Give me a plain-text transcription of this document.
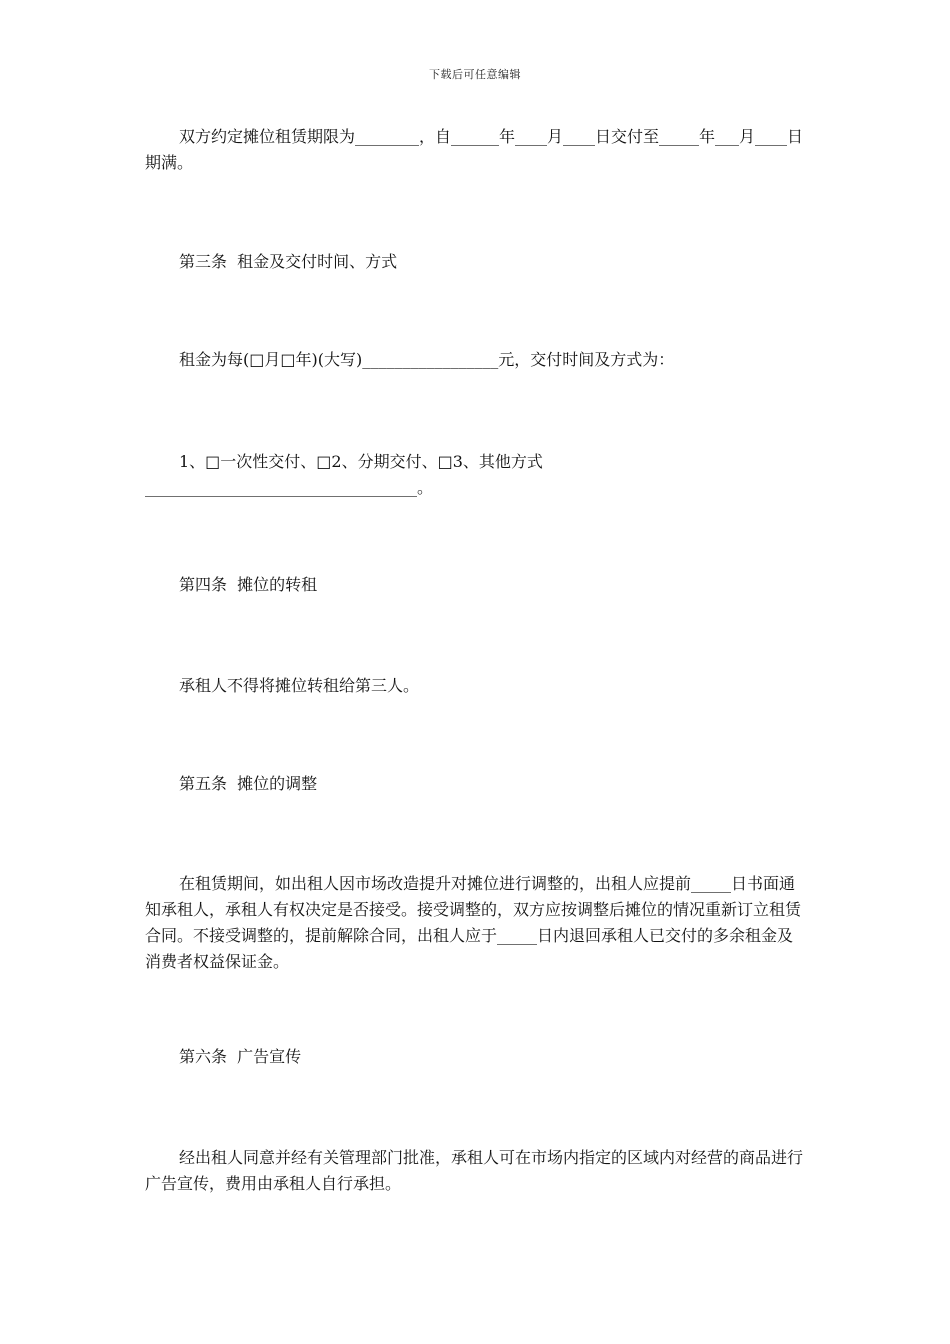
下载后可任意编辑
双方约定摊位租赁期限为________，自______年____月____日交付至_____年___月____日期满。
第三条  租金及交付时间、方式
租金为每(□月□年)(大写)_________________元，交付时间及方式为：
1、□一次性交付、□2、分期交付、□3、其他方式__________________________________。
第四条  摊位的转租
承租人不得将摊位转租给第三人。
第五条  摊位的调整
在租赁期间，如出租人因市场改造提升对摊位进行调整的，出租人应提前_____日书面通知承租人，承租人有权决定是否接受。接受调整的，双方应按调整后摊位的情况重新订立租赁合同。不接受调整的，提前解除合同，出租人应于_____日内退回承租人已交付的多余租金及消费者权益保证金。
第六条  广告宣传
经出租人同意并经有关管理部门批准，承租人可在市场内指定的区域内对经营的商品进行广告宣传，费用由承租人自行承担。
